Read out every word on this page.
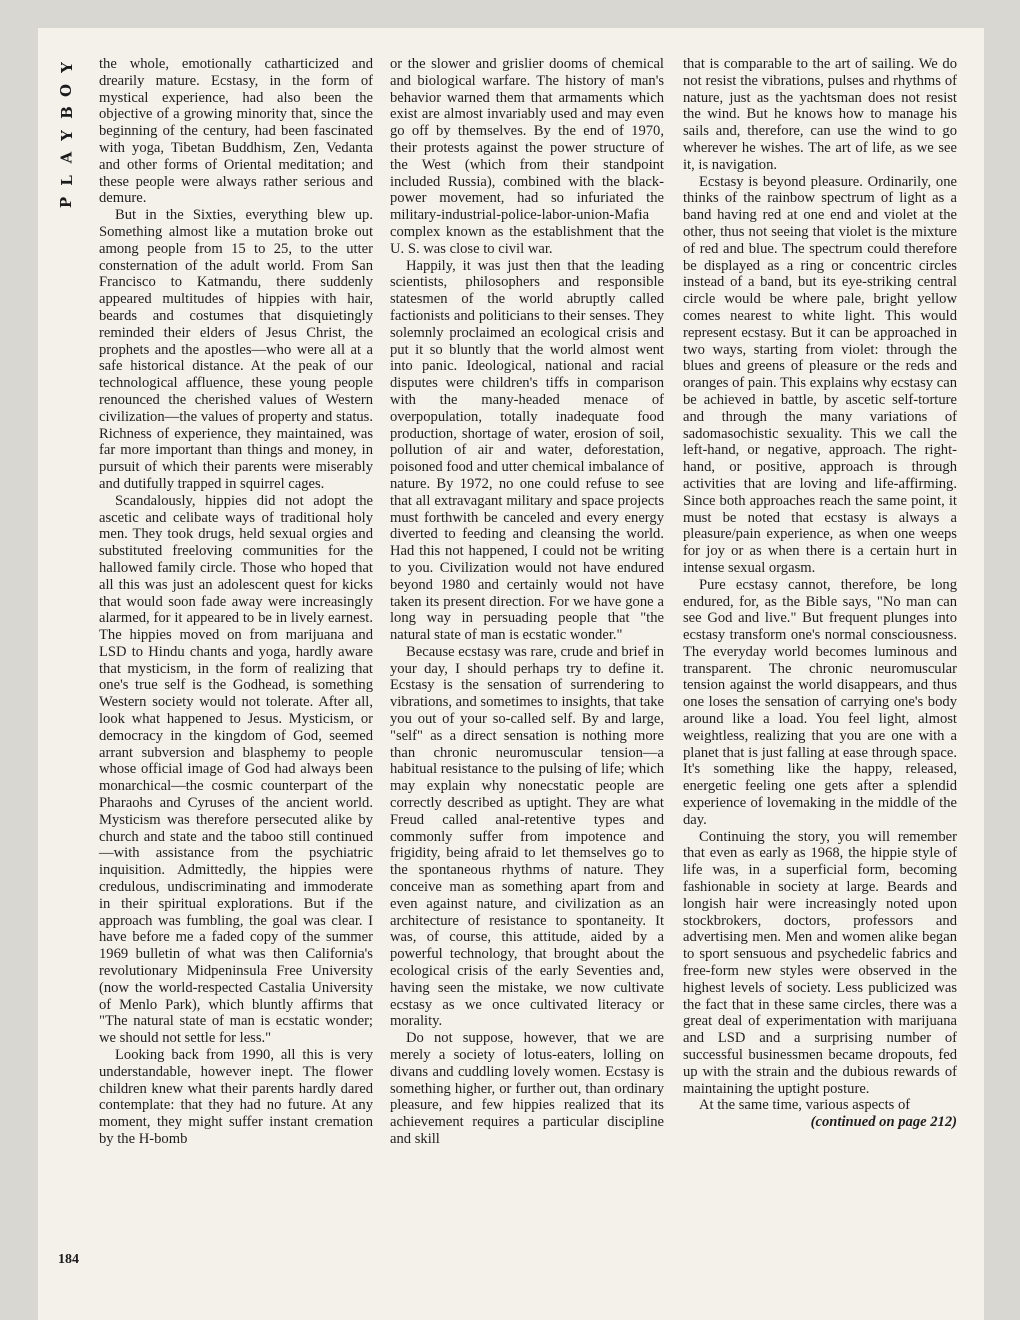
Y
O
B
Y
A
L
P

the whole, emotionally catharticized and drearily mature. Ecstasy, in the form of mystical experience, had also been the objective of a growing minority that, since the beginning of the century, had been fascinated with yoga, Tibetan Buddhism, Zen, Vedanta and other forms of Oriental meditation; and these people were always rather serious and demure.

But in the Sixties, everything blew up. Something almost like a mutation broke out among people from 15 to 25, to the utter consternation of the adult world. From San Francisco to Katmandu, there suddenly appeared multitudes of hippies with hair, beards and costumes that disquietingly reminded their elders of Jesus Christ, the prophets and the apostles—who were all at a safe historical distance. At the peak of our technological affluence, these young people renounced the cherished values of Western civilization—the values of property and status. Richness of experience, they maintained, was far more important than things and money, in pursuit of which their parents were miserably and dutifully trapped in squirrel cages.

Scandalously, hippies did not adopt the ascetic and celibate ways of traditional holy men. They took drugs, held sexual orgies and substituted freeloving communities for the hallowed family circle. Those who hoped that all this was just an adolescent quest for kicks that would soon fade away were increasingly alarmed, for it appeared to be in lively earnest. The hippies moved on from marijuana and LSD to Hindu chants and yoga, hardly aware that mysticism, in the form of realizing that one's true self is the Godhead, is something Western society would not tolerate. After all, look what happened to Jesus. Mysticism, or democracy in the kingdom of God, seemed arrant subversion and blasphemy to people whose official image of God had always been monarchical—the cosmic counterpart of the Pharaohs and Cyruses of the ancient world. Mysticism was therefore persecuted alike by church and state and the taboo still continued—with assistance from the psychiatric inquisition. Admittedly, the hippies were credulous, undiscriminating and immoderate in their spiritual explorations. But if the approach was fumbling, the goal was clear. I have before me a faded copy of the summer 1969 bulletin of what was then California's revolutionary Midpeninsula Free University (now the world-respected Castalia University of Menlo Park), which bluntly affirms that "The natural state of man is ecstatic wonder; we should not settle for less."

Looking back from 1990, all this is very understandable, however inept. The flower children knew what their parents hardly dared contemplate: that they had no future. At any moment, they might suffer instant cremation by the H-bomb

or the slower and grislier dooms of chemical and biological warfare. The history of man's behavior warned them that armaments which exist are almost invariably used and may even go off by themselves. By the end of 1970, their protests against the power structure of the West (which from their standpoint included Russia), combined with the black-power movement, had so infuriated the military-industrial-police-labor-union-Mafia complex known as the establishment that the U. S. was close to civil war.

Happily, it was just then that the leading scientists, philosophers and responsible statesmen of the world abruptly called factionists and politicians to their senses. They solemnly proclaimed an ecological crisis and put it so bluntly that the world almost went into panic. Ideological, national and racial disputes were children's tiffs in comparison with the many-headed menace of overpopulation, totally inadequate food production, shortage of water, erosion of soil, pollution of air and water, deforestation, poisoned food and utter chemical imbalance of nature. By 1972, no one could refuse to see that all extravagant military and space projects must forthwith be canceled and every energy diverted to feeding and cleansing the world. Had this not happened, I could not be writing to you. Civilization would not have endured beyond 1980 and certainly would not have taken its present direction. For we have gone a long way in persuading people that "the natural state of man is ecstatic wonder."

Because ecstasy was rare, crude and brief in your day, I should perhaps try to define it. Ecstasy is the sensation of surrendering to vibrations, and sometimes to insights, that take you out of your so-called self. By and large, "self" as a direct sensation is nothing more than chronic neuromuscular tension—a habitual resistance to the pulsing of life; which may explain why nonecstatic people are correctly described as uptight. They are what Freud called anal-retentive types and commonly suffer from impotence and frigidity, being afraid to let themselves go to the spontaneous rhythms of nature. They conceive man as something apart from and even against nature, and civilization as an architecture of resistance to spontaneity. It was, of course, this attitude, aided by a powerful technology, that brought about the ecological crisis of the early Seventies and, having seen the mistake, we now cultivate ecstasy as we once cultivated literacy or morality.

Do not suppose, however, that we are merely a society of lotus-eaters, lolling on divans and cuddling lovely women. Ecstasy is something higher, or further out, than ordinary pleasure, and few hippies realized that its achievement requires a particular discipline and skill

that is comparable to the art of sailing. We do not resist the vibrations, pulses and rhythms of nature, just as the yachtsman does not resist the wind. But he knows how to manage his sails and, therefore, can use the wind to go wherever he wishes. The art of life, as we see it, is navigation.

Ecstasy is beyond pleasure. Ordinarily, one thinks of the rainbow spectrum of light as a band having red at one end and violet at the other, thus not seeing that violet is the mixture of red and blue. The spectrum could therefore be displayed as a ring or concentric circles instead of a band, but its eye-striking central circle would be where pale, bright yellow comes nearest to white light. This would represent ecstasy. But it can be approached in two ways, starting from violet: through the blues and greens of pleasure or the reds and oranges of pain. This explains why ecstasy can be achieved in battle, by ascetic self-torture and through the many variations of sadomasochistic sexuality. This we call the left-hand, or negative, approach. The right-hand, or positive, approach is through activities that are loving and life-affirming. Since both approaches reach the same point, it must be noted that ecstasy is always a pleasure/pain experience, as when one weeps for joy or as when there is a certain hurt in intense sexual orgasm.

Pure ecstasy cannot, therefore, be long endured, for, as the Bible says, "No man can see God and live." But frequent plunges into ecstasy transform one's normal consciousness. The everyday world becomes luminous and transparent. The chronic neuromuscular tension against the world disappears, and thus one loses the sensation of carrying one's body around like a load. You feel light, almost weightless, realizing that you are one with a planet that is just falling at ease through space. It's something like the happy, released, energetic feeling one gets after a splendid experience of lovemaking in the middle of the day.

Continuing the story, you will remember that even as early as 1968, the hippie style of life was, in a superficial form, becoming fashionable in society at large. Beards and longish hair were increasingly noted upon stockbrokers, doctors, professors and advertising men. Men and women alike began to sport sensuous and psychedelic fabrics and free-form new styles were observed in the highest levels of society. Less publicized was the fact that in these same circles, there was a great deal of experimentation with marijuana and LSD and a surprising number of successful businessmen became dropouts, fed up with the strain and the dubious rewards of maintaining the uptight posture.

At the same time, various aspects of

(continued on page 212)

184
